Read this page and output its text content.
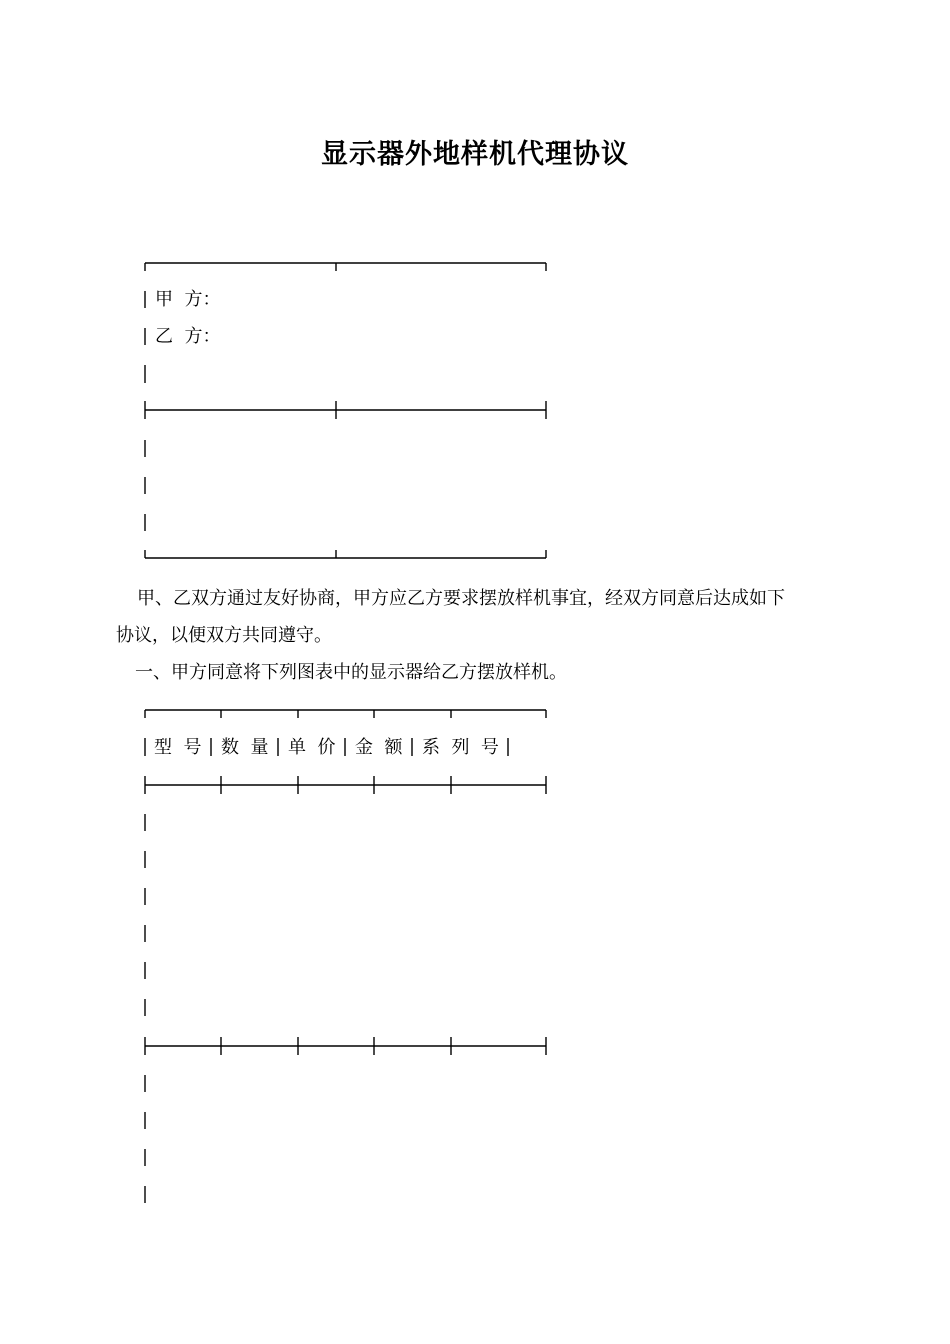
显示器外地样机代理协议
甲  方：
乙  方：
甲、乙双方通过友好协商，甲方应乙方要求摆放样机事宜，经双方同意后达成如下
协议，以便双方共同遵守。
一、甲方同意将下列图表中的显示器给乙方摆放样机。
型  号 数  量 单  价 金  额 系  列  号
